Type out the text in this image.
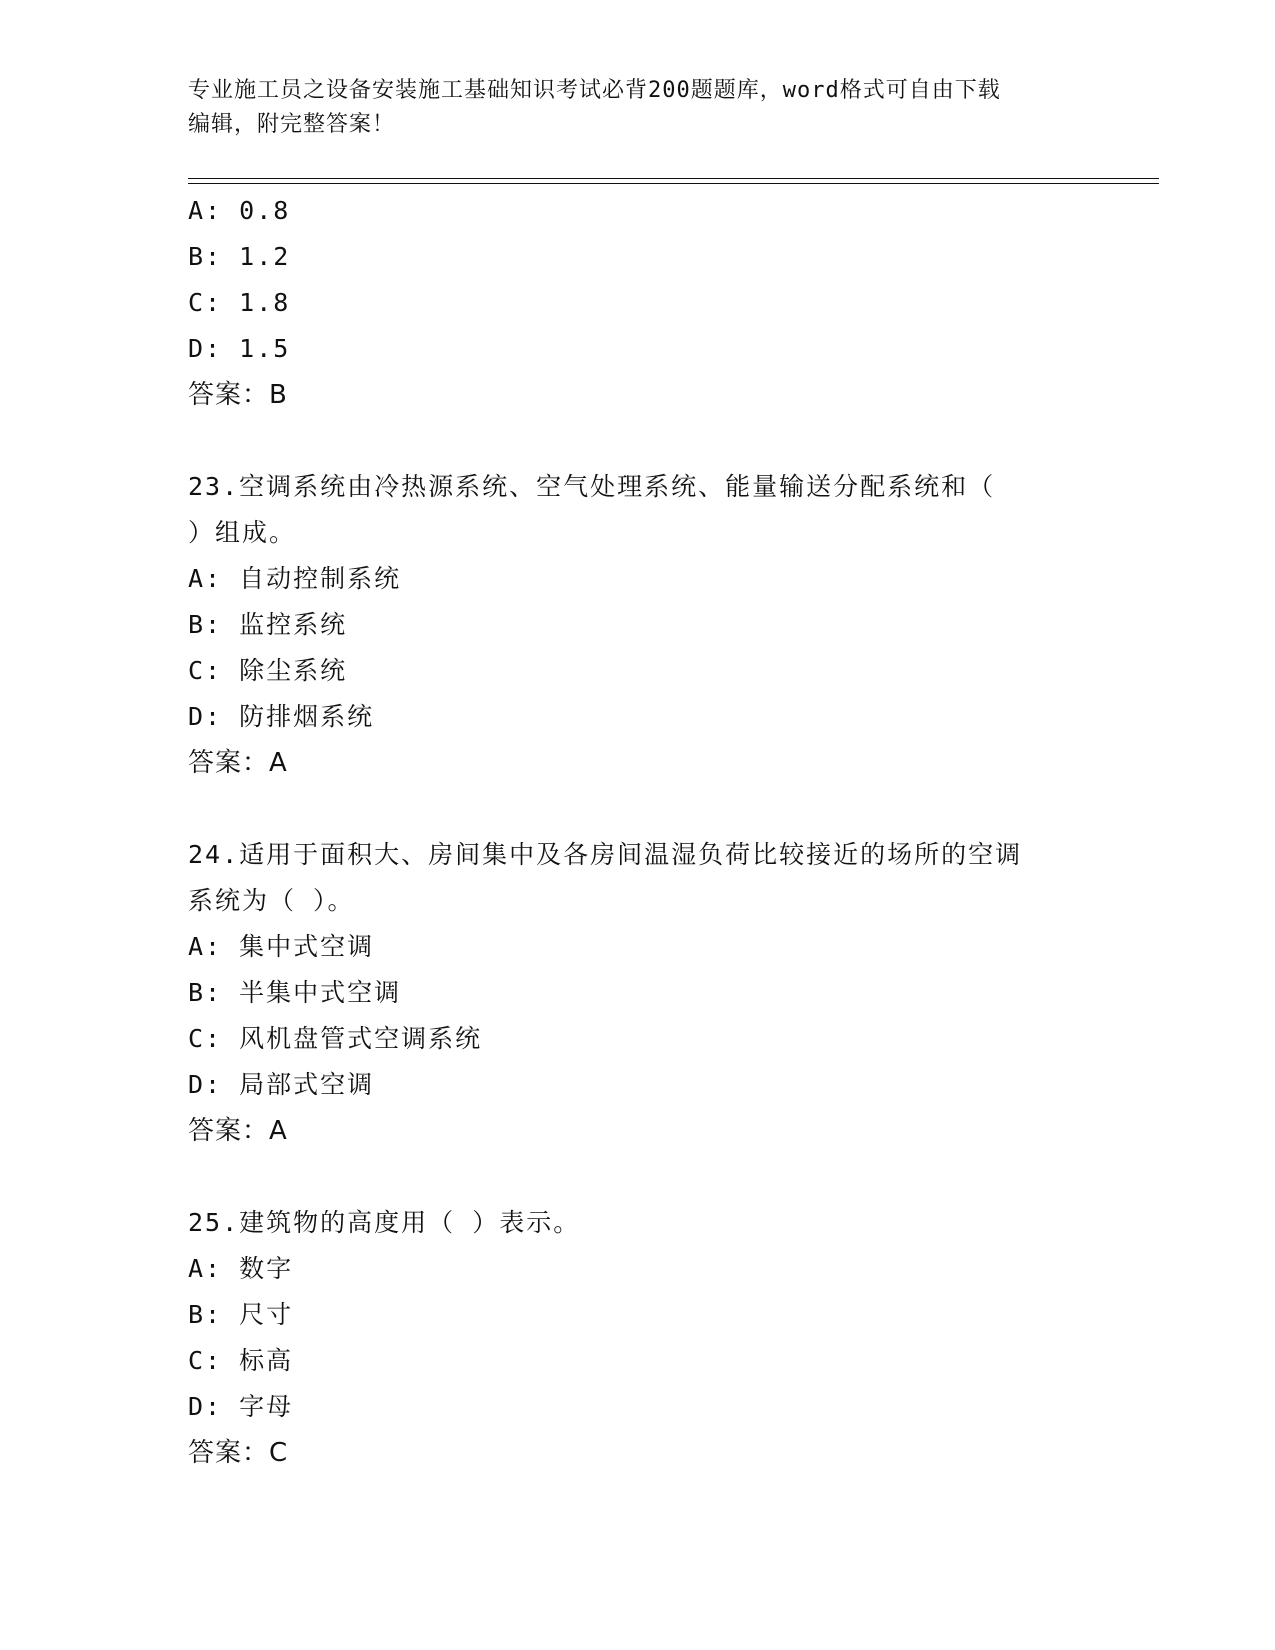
专业施工员之设备安装施工基础知识考试必背200题题库，word格式可自由下载
编辑，附完整答案！
A: 0.8
B: 1.2
C: 1.8
D: 1.5
答案：B
23.空调系统由冷热源系统、空气处理系统、能量输送分配系统和（
）组成。
A: 自动控制系统
B: 监控系统
C: 除尘系统
D: 防排烟系统
答案：A
24.适用于面积大、房间集中及各房间温湿负荷比较接近的场所的空调
系统为（ ）。
A: 集中式空调
B: 半集中式空调
C: 风机盘管式空调系统
D: 局部式空调
答案：A
25.建筑物的高度用（ ）表示。
A: 数字
B: 尺寸
C: 标高
D: 字母
答案：C
